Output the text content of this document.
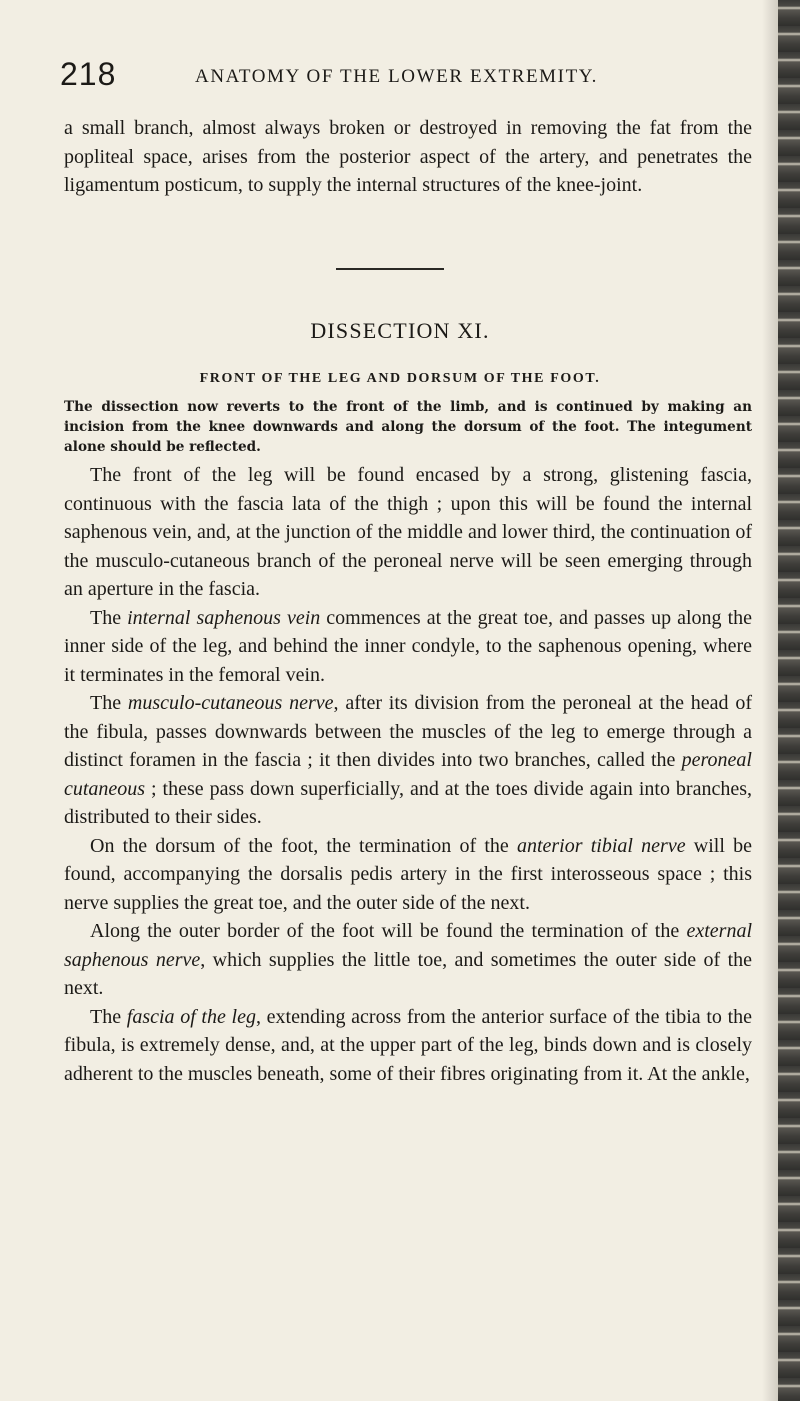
218	ANATOMY OF THE LOWER EXTREMITY.

a small branch, almost always broken or destroyed in removing the fat from the popliteal space, arises from the posterior aspect of the artery, and penetrates the ligamentum posticum, to supply the internal structures of the knee-joint.

DISSECTION XI.
FRONT OF THE LEG AND DORSUM OF THE FOOT.
The dissection now reverts to the front of the limb, and is continued by making an incision from the knee downwards and along the dorsum of the foot. The integument alone should be reflected.

The front of the leg will be found encased by a strong, glistening fascia, continuous with the fascia lata of the thigh ; upon this will be found the internal saphenous vein, and, at the junction of the middle and lower third, the continuation of the musculo-cutaneous branch of the peroneal nerve will be seen emerging through an aperture in the fascia.

The internal saphenous vein commences at the great toe, and passes up along the inner side of the leg, and behind the inner condyle, to the saphenous opening, where it terminates in the femoral vein.

The musculo-cutaneous nerve, after its division from the peroneal at the head of the fibula, passes downwards between the muscles of the leg to emerge through a distinct foramen in the fascia ; it then divides into two branches, called the peroneal cutaneous ; these pass down superficially, and at the toes divide again into branches, distributed to their sides.

On the dorsum of the foot, the termination of the anterior tibial nerve will be found, accompanying the dorsalis pedis artery in the first interosseous space ; this nerve supplies the great toe, and the outer side of the next.

Along the outer border of the foot will be found the termination of the external saphenous nerve, which supplies the little toe, and sometimes the outer side of the next.

The fascia of the leg, extending across from the anterior surface of the tibia to the fibula, is extremely dense, and, at the upper part of the leg, binds down and is closely adherent to the muscles beneath, some of their fibres originating from it. At the ankle,
